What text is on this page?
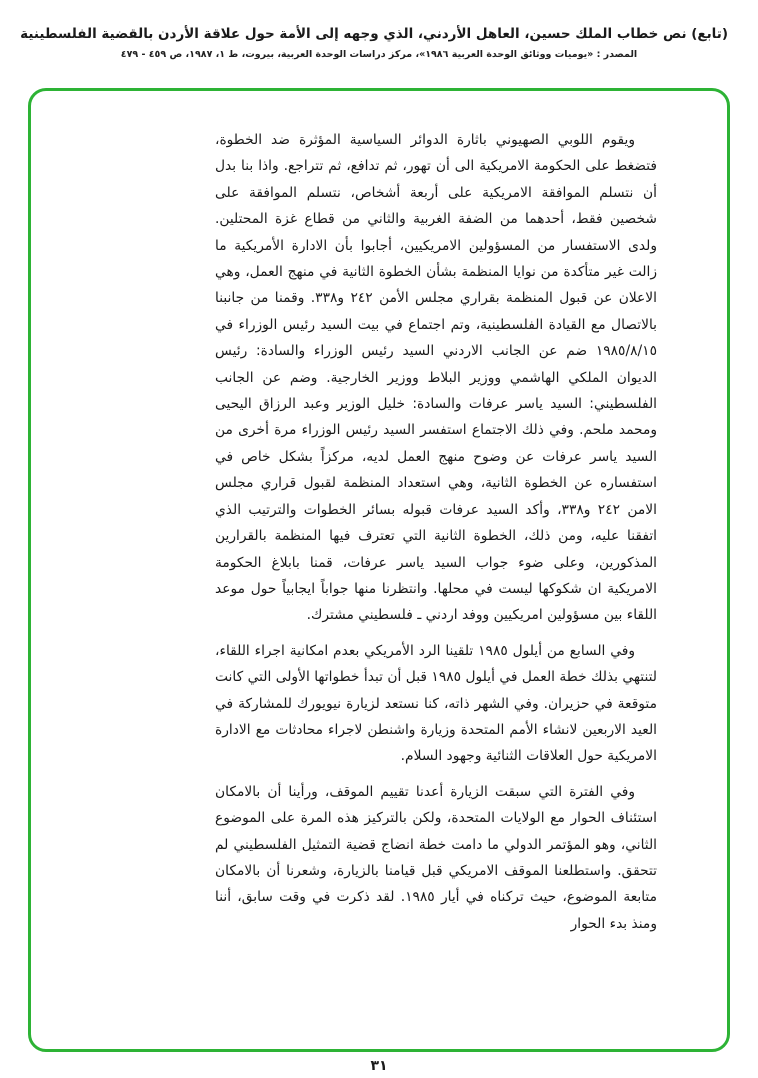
(تابع) نص خطاب الملك حسين، العاهل الأردني، الذي وجهه إلى الأمة حول علاقة الأردن بالقضية الفلسطينية
المصدر : «يوميات ووثائق الوحدة العربية ١٩٨٦»، مركز دراسات الوحدة العربية، بيروت، ط ١، ١٩٨٧، ص ٤٥٩ - ٤٧٩

ويقوم اللوبي الصهيوني باثارة الدوائر السياسية المؤثرة ضد الخطوة، فتضغط على الحكومة الامريكية الى أن تهور، ثم تدافع، ثم تتراجع. واذا بنا بدل أن نتسلم الموافقة الامريكية على أربعة أشخاص، نتسلم الموافقة على شخصين فقط، أحدهما من الضفة الغربية والثاني من قطاع غزة المحتلين. ولدى الاستفسار من المسؤولين الامريكيين، أجابوا بأن الادارة الأمريكية ما زالت غير متأكدة من نوايا المنظمة بشأن الخطوة الثانية في منهج العمل، وهي الاعلان عن قبول المنظمة بقراري مجلس الأمن ٢٤٢ و٣٣٨. وقمنا من جانبنا بالاتصال مع القيادة الفلسطينية، وتم اجتماع في بيت السيد رئيس الوزراء في ١٩٨٥/٨/١٥ ضم عن الجانب الاردني السيد رئيس الوزراء والسادة: رئيس الديوان الملكي الهاشمي ووزير البلاط ووزير الخارجية. وضم عن الجانب الفلسطيني: السيد ياسر عرفات والسادة: خليل الوزير وعبد الرزاق اليحيى ومحمد ملحم. وفي ذلك الاجتماع استفسر السيد رئيس الوزراء مرة أخرى من السيد ياسر عرفات عن وضوح منهج العمل لديه، مركزاً بشكل خاص في استفساره عن الخطوة الثانية، وهي استعداد المنظمة لقبول قراري مجلس الامن ٢٤٢ و٣٣٨، وأكد السيد عرفات قبوله بسائر الخطوات والترتيب الذي اتفقنا عليه، ومن ذلك، الخطوة الثانية التي تعترف فيها المنظمة بالقرارين المذكورين، وعلى ضوء جواب السيد ياسر عرفات، قمنا بابلاغ الحكومة الامريكية ان شكوكها ليست في محلها. وانتظرنا منها جواباً ايجابياً حول موعد اللقاء بين مسؤولين امريكيين ووفد اردني ـ فلسطيني مشترك.

وفي السابع من أيلول ١٩٨٥ تلقينا الرد الأمريكي بعدم امكانية اجراء اللقاء، لتنتهي بذلك خطة العمل في أيلول ١٩٨٥ قبل أن تبدأ خطواتها الأولى التي كانت متوقعة في حزيران. وفي الشهر ذاته، كنا نستعد لزيارة نيويورك للمشاركة في العيد الاربعين لانشاء الأمم المتحدة وزيارة واشنطن لاجراء محادثات مع الادارة الامريكية حول العلاقات الثنائية وجهود السلام.

وفي الفترة التي سبقت الزيارة أعدنا تقييم الموقف، ورأينا أن بالامكان استئناف الحوار مع الولايات المتحدة، ولكن بالتركيز هذه المرة على الموضوع الثاني، وهو المؤتمر الدولي ما دامت خطة انضاج قضية التمثيل الفلسطيني لم تتحقق. واستطلعنا الموقف الامريكي قبل قيامنا بالزيارة، وشعرنا أن بالامكان متابعة الموضوع، حيث تركناه في أيار ١٩٨٥. لقد ذكرت في وقت سابق، أننا ومنذ بدء الحوار

٣١
